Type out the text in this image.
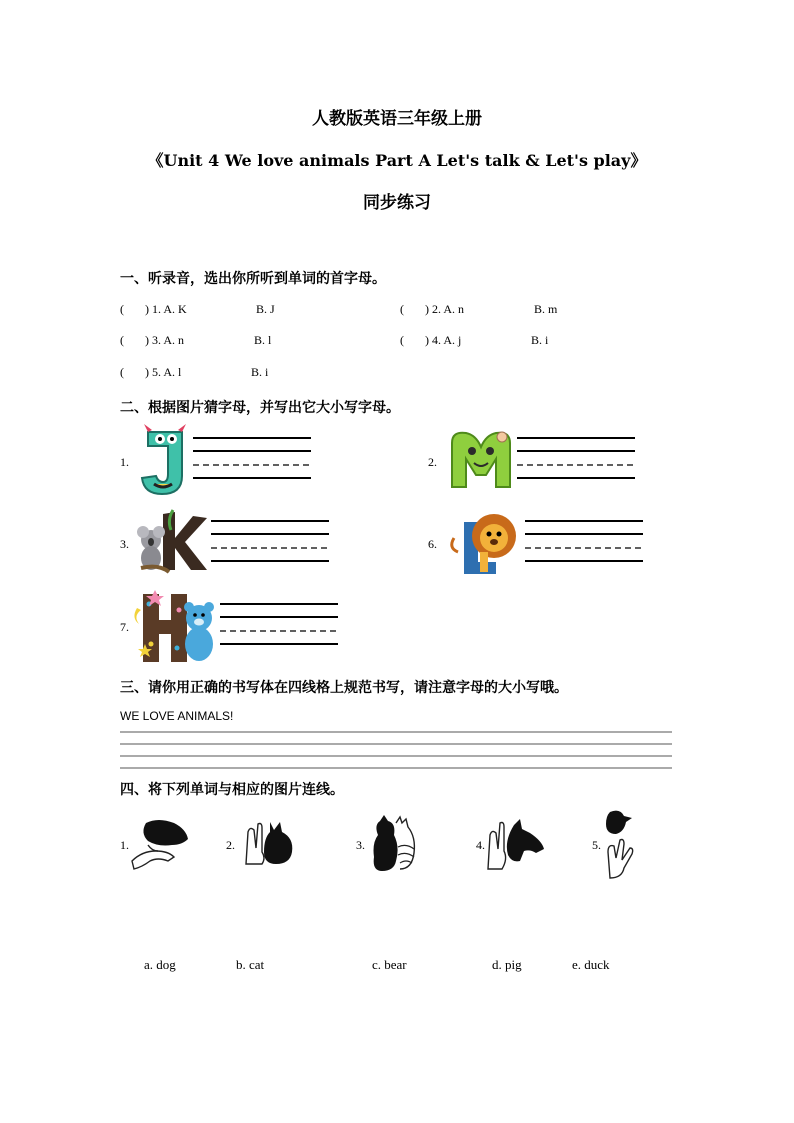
人教版英语三年级上册
《Unit 4 We love animals Part A Let's talk & Let's play》
同步练习
一、听录音，选出你所听到单词的首字母。
(       ) 1. A. K	B. J	(       ) 2. A. n	B. m
(       ) 3. A. n	B. l	(       ) 4. A. j	B. i
(       ) 5. A. l	B. i
二、根据图片猜字母，并写出它大小写字母。
1.	2.
3.	6.
7.
三、请你用正确的书写体在四线格上规范书写，请注意字母的大小写哦。
WE LOVE ANIMALS!
四、将下列单词与相应的图片连线。
1.	2.	3.	4.	5.
a. dog	b. cat	c. bear	d. pig	e. duck
